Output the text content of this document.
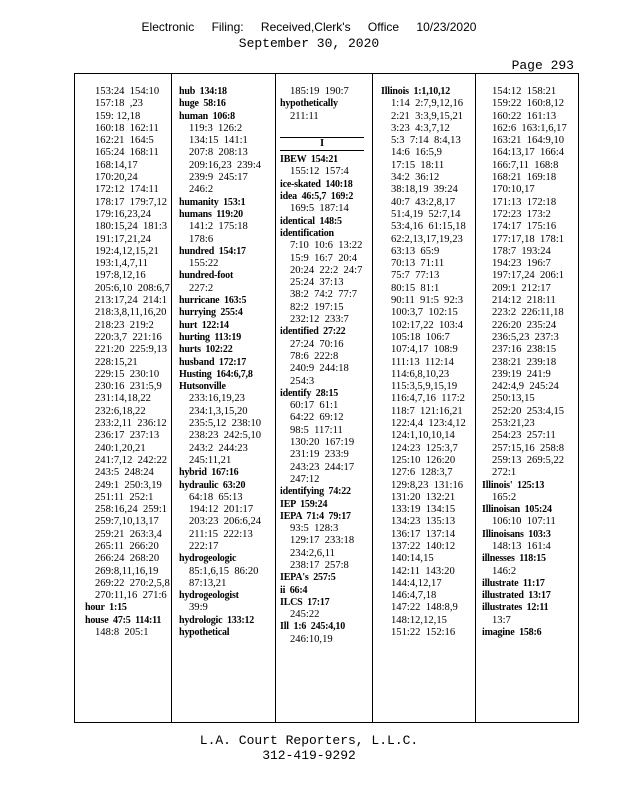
Electronic Filing: Received,Clerk's Office 10/23/2020
September 30, 2020
Page 293
153:24  154:10
157:18  ,23
159: 12,18
160:18  162:11
162:21  164:5
165:24  168:11
168:14,17
170:20,24
172:12  174:11
178:17  179:7,12
179:16,23,24
180:15,24  181:3
191:17,21,24
192:4,12,15,21
193:1,4,7,11
197:8,12,16
205:6,10  208:6,7
213:17,24  214:1
218:3,8,11,16,20
218:23  219:2
220:3,7  221:16
221:20  225:9,13
228:15,21
229:15  230:10
230:16  231:5,9
231:14,18,22
232:6,18,22
233:2,11  236:12
236:17  237:13
240:1,20,21
241:7,12  242:22
243:5  248:24
249:1  250:3,19
251:11  252:1
258:16,24  259:1
259:7,10,13,17
259:21  263:3,4
265:11  266:20
266:24  268:20
269:8,11,16,19
269:22  270:2,5,8
270:11,16  271:6
hour  1:15
house  47:5  114:11
148:8  205:1
hub  134:18
huge  58:16
human  106:8
119:3  126:2
134:15  141:1
207:8  208:13
209:16,23  239:4
239:9  245:17
246:2
humanity  153:1
humans  119:20
141:2  175:18
178:6
hundred  154:17
155:22
hundred-foot
227:2
hurricane  163:5
hurrying  255:4
hurt  122:14
hurting  113:19
hurts  102:22
husband  172:17
Husting  164:6,7,8
Hutsonville
233:16,19,23
234:1,3,15,20
235:5,12  238:10
238:23  242:5,10
243:2  244:23
245:11,21
hybrid  167:16
hydraulic  63:20
64:18  65:13
194:12  201:17
203:23  206:6,24
211:15  222:13
222:17
hydrogeologic
85:1,6,15  86:20
87:13,21
hydrogeologist
39:9
hydrologic  133:12
hypothetical
185:19  190:7
hypothetically
211:11
I
IBEW  154:21
155:12  157:4
ice-skated  140:18
idea  46:5,7  169:2
169:5  187:14
identical  148:5
identification
7:10  10:6  13:22
15:9  16:7  20:4
20:24  22:2  24:7
25:24  37:13
38:2  74:2  77:7
82:2  197:15
232:12  233:7
identified  27:22
27:24  70:16
78:6  222:8
240:9  244:18
254:3
identify  28:15
60:17  61:1
64:22  69:12
98:5  117:11
130:20  167:19
231:19  233:9
243:23  244:17
247:12
identifying  74:22
IEP  159:24
IEPA  71:4  79:17
93:5  128:3
129:17  233:18
234:2,6,11
238:17  257:8
IEPA's  257:5
ii  66:4
ILCS  17:17
245:22
Ill  1:6  245:4,10
246:10,19
Illinois  1:1,10,12
1:14  2:7,9,12,16
2:21  3:3,9,15,21
3:23  4:3,7,12
5:3  7:14  8:4,13
14:6  16:5,9
17:15  18:11
34:2  36:12
38:18,19  39:24
40:7  43:2,8,17
51:4,19  52:7,14
53:4,16  61:15,18
62:2,13,17,19,23
63:13  65:9
70:13  71:11
75:7  77:13
80:15  81:1
90:11  91:5  92:3
100:3,7  102:15
102:17,22  103:4
105:18  106:7
107:4,17  108:9
111:13  112:14
114:6,8,10,23
115:3,5,9,15,19
116:4,7,16  117:2
118:7  121:16,21
122:4,4  123:4,12
124:1,10,10,14
124:23  125:3,7
125:10  126:20
127:6  128:3,7
129:8,23  131:16
131:20  132:21
133:19  134:15
134:23  135:13
136:17  137:14
137:22  140:12
140:14,15
142:11  143:20
144:4,12,17
146:4,7,18
147:22  148:8,9
148:12,12,15
151:22  152:16
154:12  158:21
159:22  160:8,12
160:22  161:13
162:6  163:1,6,17
163:21  164:9,10
164:13,17  166:4
166:7,11  168:8
168:21  169:18
170:10,17
171:13  172:18
172:23  173:2
174:17  175:16
177:17,18  178:1
178:7  193:24
194:23  196:7
197:17,24  206:1
209:1  212:17
214:12  218:11
223:2  226:11,18
226:20  235:24
236:5,23  237:3
237:16  238:15
238:21  239:18
239:19  241:9
242:4,9  245:24
250:13,15
252:20  253:4,15
253:21,23
254:23  257:11
257:15,16  258:8
259:13  269:5,22
272:1
Illinois'  125:13
165:2
Illinoisan  105:24
106:10  107:11
Illinoisans  103:3
148:13  161:4
illnesses  118:15
146:2
illustrate  11:17
illustrated  13:17
illustrates  12:11
13:7
imagine  158:6
L.A. Court Reporters, L.L.C.
312-419-9292
